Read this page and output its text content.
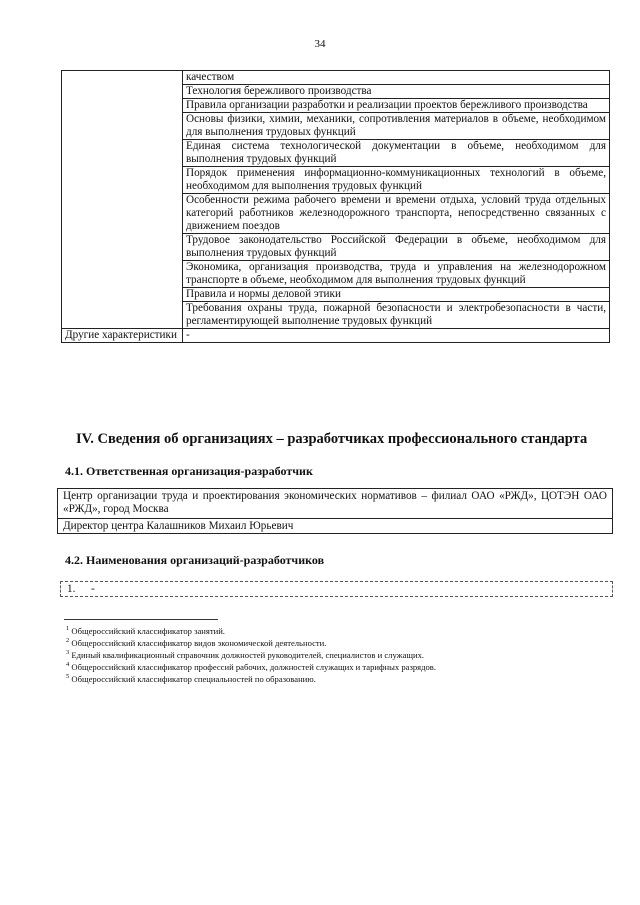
34
	качеством
	Технология бережливого производства
	Правила организации разработки и реализации проектов бережливого производства
	Основы физики, химии, механики, сопротивления материалов в объеме, необходимом для выполнения трудовых функций
	Единая система технологической документации в объеме, необходимом для выполнения трудовых функций
	Порядок применения информационно-коммуникационных технологий в объеме, необходимом для выполнения трудовых функций
	Особенности режима рабочего времени и времени отдыха, условий труда отдельных категорий работников железнодорожного транспорта, непосредственно связанных с движением поездов
	Трудовое законодательство Российской Федерации в объеме, необходимом для выполнения трудовых функций
	Экономика, организация производства, труда и управления на железнодорожном транспорте в объеме, необходимом для выполнения трудовых функций
	Правила и нормы деловой этики
	Требования охраны труда, пожарной безопасности и электробезопасности в части, регламентирующей выполнение трудовых функций
Другие характеристики	-
IV. Сведения об организациях – разработчиках профессионального стандарта
4.1. Ответственная организация-разработчик
Центр организации труда и проектирования экономических нормативов – филиал ОАО «РЖД», ЦОТЭН ОАО «РЖД», город Москва
Директор центра Калашников Михаил Юрьевич
4.2. Наименования организаций-разработчиков
1. -
$^1$ Общероссийский классификатор занятий.
$^2$ Общероссийский классификатор видов экономической деятельности.
$^3$ Единый квалификационный справочник должностей руководителей, специалистов и служащих.
$^4$ Общероссийский классификатор профессий рабочих, должностей служащих и тарифных разрядов.
$^5$ Общероссийский классификатор специальностей по образованию.
